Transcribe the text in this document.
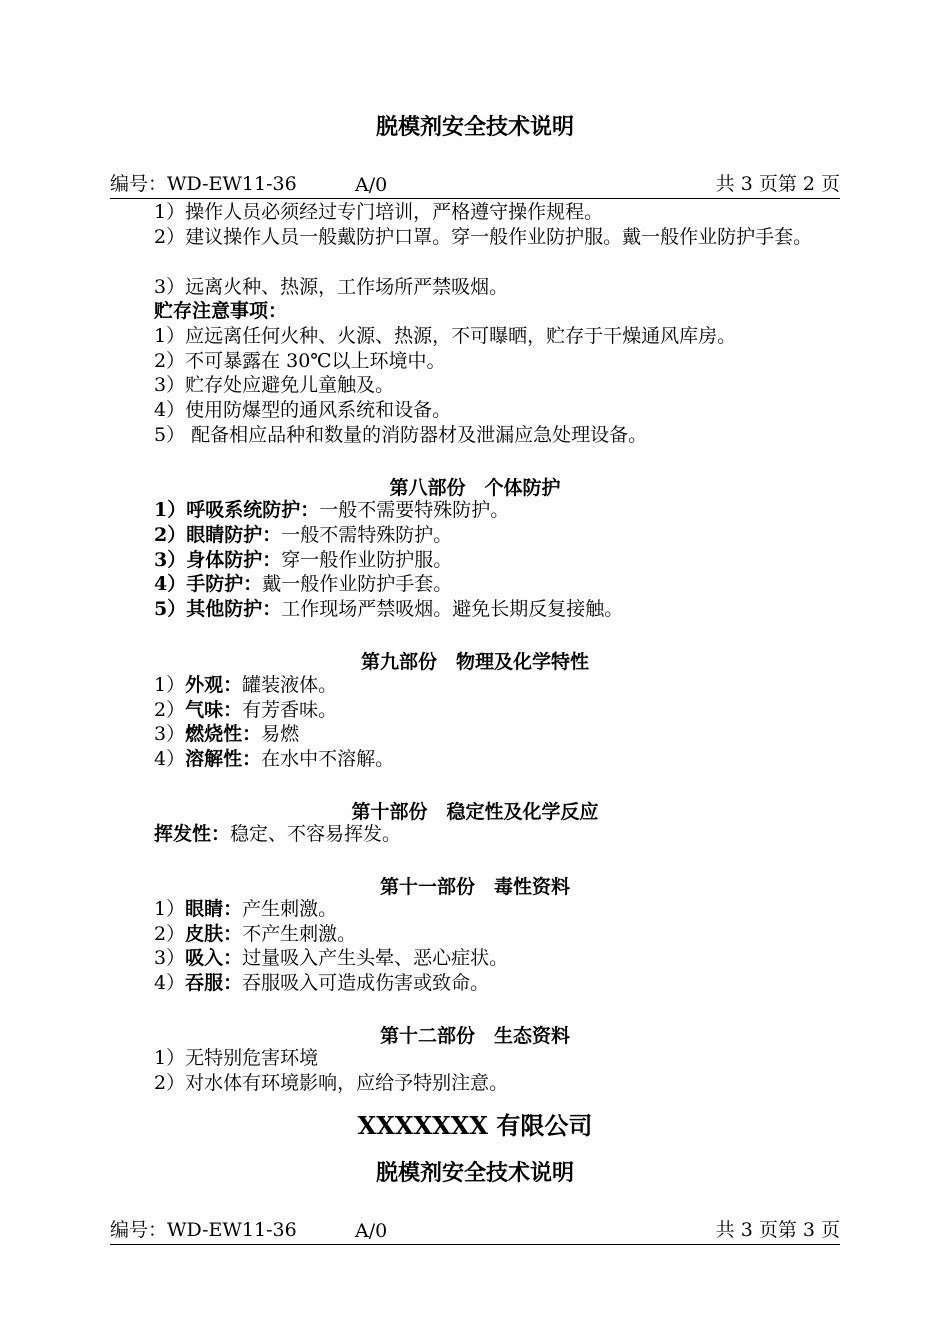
脱模剂安全技术说明
编号：WD-EW11-36	A/0	共 3 页第 2 页
1）操作人员必须经过专门培训，严格遵守操作规程。
2）建议操作人员一般戴防护口罩。穿一般作业防护服。戴一般作业防护手套。
3）远离火种、热源，工作场所严禁吸烟。
贮存注意事项：
1）应远离任何火种、火源、热源，不可曝晒，贮存于干燥通风库房。
2）不可暴露在 30℃以上环境中。
3）贮存处应避免儿童触及。
4）使用防爆型的通风系统和设备。
5） 配备相应品种和数量的消防器材及泄漏应急处理设备。
第八部份　个体防护
1）呼吸系统防护：一般不需要特殊防护。
2）眼睛防护：一般不需特殊防护。
3）身体防护：穿一般作业防护服。
4）手防护：戴一般作业防护手套。
5）其他防护：工作现场严禁吸烟。避免长期反复接触。
第九部份　物理及化学特性
1）外观：罐装液体。
2）气味：有芳香味。
3）燃烧性：易燃
4）溶解性：在水中不溶解。
第十部份　稳定性及化学反应
挥发性：稳定、不容易挥发。
第十一部份　毒性资料
1）眼睛：产生刺激。
2）皮肤：不产生刺激。
3）吸入：过量吸入产生头晕、恶心症状。
4）吞服：吞服吸入可造成伤害或致命。
第十二部份　生态资料
1）无特别危害环境
2）对水体有环境影响，应给予特别注意。
XXXXXXX 有限公司
脱模剂安全技术说明
编号：WD-EW11-36	A/0	共 3 页第 3 页
